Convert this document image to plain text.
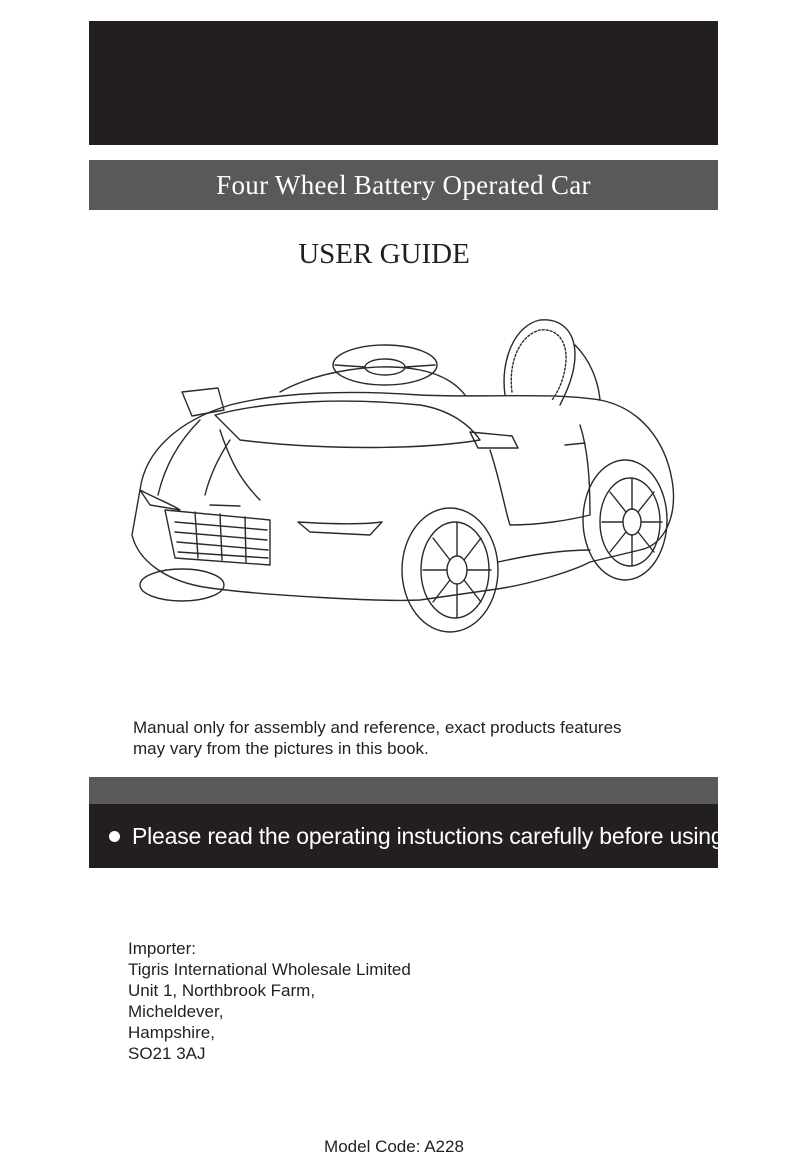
Four Wheel Battery Operated Car
USER GUIDE
Manual only for assembly and reference, exact products features
may vary from the pictures in this book.
Please read the operating instuctions carefully before using.
Importer:
Tigris International Wholesale Limited
Unit 1, Northbrook Farm,
Micheldever,
Hampshire,
SO21 3AJ
Model Code: A228
